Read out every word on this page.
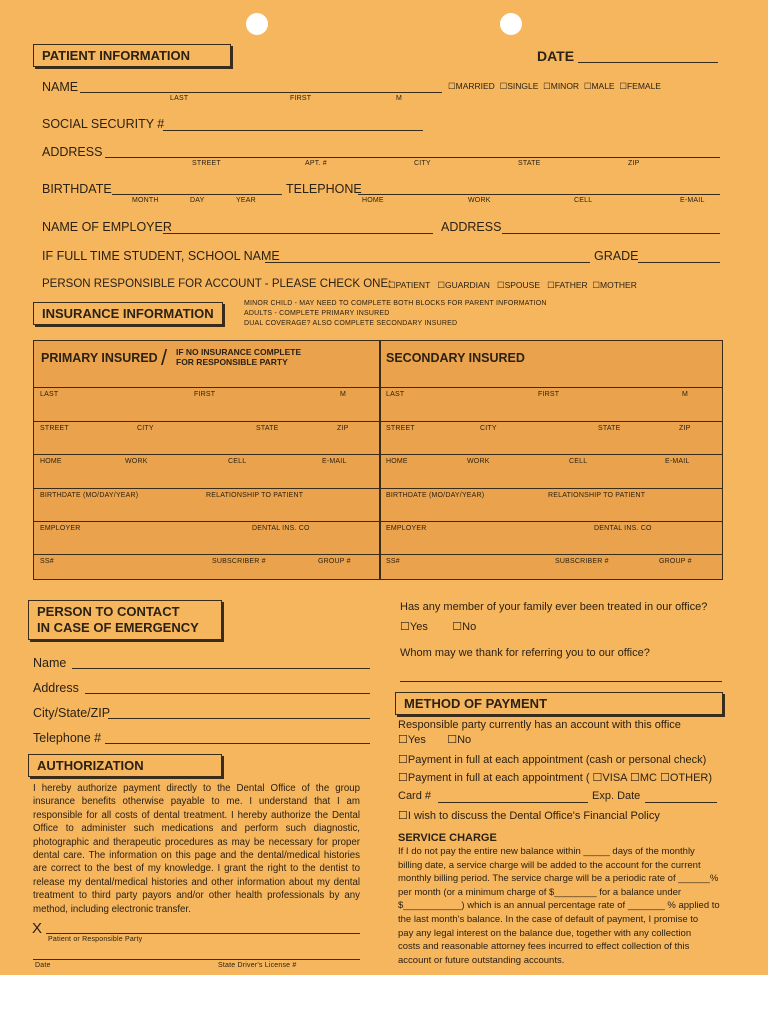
PATIENT INFORMATION	DATE
NAME
LAST	FIRST	M
☐ MARRIED ☐ SINGLE ☐ MINOR ☐ MALE ☐ FEMALE
SOCIAL SECURITY #
ADDRESS
STREET	APT. #	CITY	STATE	ZIP
BIRTHDATE
MONTH	DAY	YEAR
TELEPHONE
HOME	WORK	CELL	E-MAIL
NAME OF EMPLOYER	ADDRESS
IF FULL TIME STUDENT, SCHOOL NAME	GRADE
PERSON RESPONSIBLE FOR ACCOUNT - PLEASE CHECK ONE: ☐ PATIENT ☐ GUARDIAN ☐ SPOUSE ☐ FATHER ☐ MOTHER
INSURANCE INFORMATION
MINOR CHILD - MAY NEED TO COMPLETE BOTH BLOCKS FOR PARENT INFORMATION
ADULTS - COMPLETE PRIMARY INSURED
DUAL COVERAGE? ALSO COMPLETE SECONDARY INSURED
PRIMARY INSURED / IF NO INSURANCE COMPLETE
FOR RESPONSIBLE PARTY
LAST	FIRST	M
STREET	CITY	STATE	ZIP
HOME	WORK	CELL	E-MAIL
BIRTHDATE (MO/DAY/YEAR)	RELATIONSHIP TO PATIENT
EMPLOYER	DENTAL INS. CO
SS#	SUBSCRIBER #	GROUP #
SECONDARY INSURED
LAST	FIRST	M
STREET	CITY	STATE	ZIP
HOME	WORK	CELL	E-MAIL
BIRTHDATE (MO/DAY/YEAR)	RELATIONSHIP TO PATIENT
EMPLOYER	DENTAL INS. CO
SS#	SUBSCRIBER #	GROUP #
PERSON TO CONTACT
IN CASE OF EMERGENCY
Name
Address
City/State/ZIP
Telephone #
Has any member of your family ever been treated in our office?
☐ Yes ☐	No
Whom may we thank for referring you to our office?
METHOD OF PAYMENT
Responsible party currently has an account with this office
☐ Yes ☐	No
☐ Payment in full at each appointment (cash or personal check)
☐ Payment in full at each appointment ( ☐ VISA ☐ MC ☐ OTHER)
Card #	Exp. Date
☐ I wish to discuss the Dental Office's Financial Policy
SERVICE CHARGE
If I do not pay the entire new balance within _____ days of the monthly
billing date, a service charge will be added to the account for the current
monthly billing period. The service charge will be a periodic rate of ______%
per month (or a minimum charge of $________ for a balance under
$___________) which is an annual percentage rate of _______ % applied to
the last month's balance. In the case of default of payment, I promise to
pay any legal interest on the balance due, together with any collection
costs and reasonable attorney fees incurred to effect collection of this
account or future outstanding accounts.
AUTHORIZATION
I hereby authorize payment directly to the Dental Office of the group insurance benefits otherwise payable to me. I understand that I am responsible for all costs of dental treatment. I hereby authorize the Dental Office to administer such medications and perform such diagnostic, photographic and therapeutic procedures as may be necessary for proper dental care. The information on this page and the dental/medical histories are correct to the best of my knowledge. I grant the right to the dentist to release my dental/medical histories and other information about my dental treatment to third party payors and/or other health professionals by any method, including electronic transfer.
X
Patient or Responsible Party
Date	State Driver's License #
